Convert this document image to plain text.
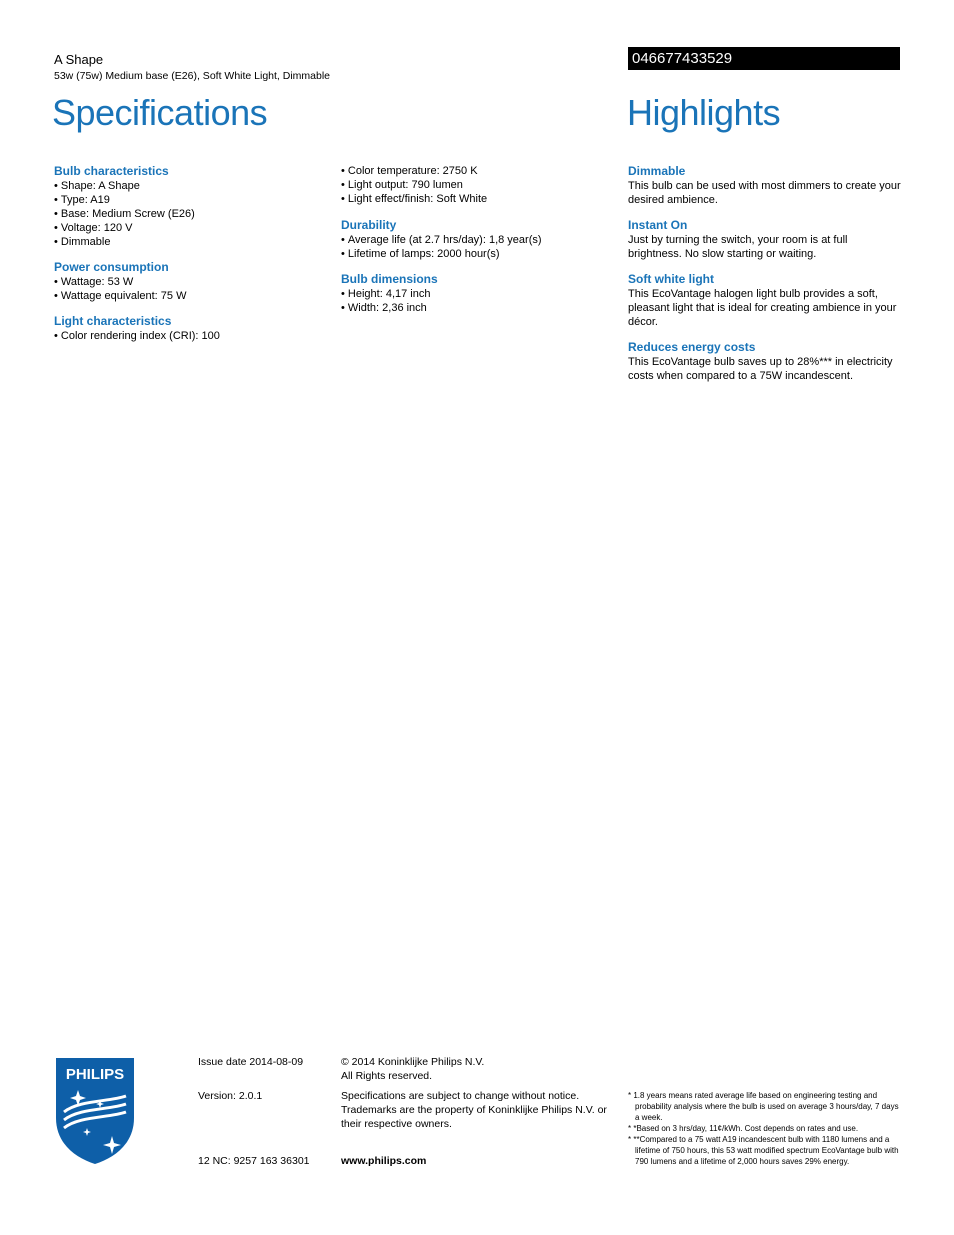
A Shape
53w (75w) Medium base (E26), Soft White Light, Dimmable
046677433529
Specifications	Highlights
Bulb characteristics
• Shape: A Shape
• Type: A19
• Base: Medium Screw (E26)
• Voltage: 120 V
• Dimmable
Power consumption
• Wattage: 53 W
• Wattage equivalent: 75 W
Light characteristics
• Color rendering index (CRI): 100
• Color temperature: 2750 K
• Light output: 790 lumen
• Light effect/finish: Soft White
Durability
• Average life (at 2.7 hrs/day): 1,8 year(s)
• Lifetime of lamps: 2000 hour(s)
Bulb dimensions
• Height: 4,17 inch
• Width: 2,36 inch
Dimmable

This bulb can be used with most dimmers to create your desired ambience.

Instant On

Just by turning the switch, your room is at full brightness. No slow starting or waiting.

Soft white light

This EcoVantage halogen light bulb provides a soft, pleasant light that is ideal for creating ambience in your décor.

Reduces energy costs

This EcoVantage bulb saves up to 28%*** in electricity costs when compared to a 75W incandescent.

PHILIPS
Issue date 2014-08-09
Version: 2.0.1
12 NC: 9257 163 36301
© 2014 Koninklijke Philips N.V.
All Rights reserved.
Specifications are subject to change without notice. Trademarks are the property of Koninklijke Philips N.V. or their respective owners.
www.philips.com

* 1.8 years means rated average life based on engineering testing and probability analysis where the bulb is used on average 3 hours/day, 7 days a week.

* *Based on 3 hrs/day, 11¢/kWh. Cost depends on rates and use.

* **Compared to a 75 watt A19 incandescent bulb with 1180 lumens and a lifetime of 750 hours, this 53 watt modified spectrum EcoVantage bulb with 790 lumens and a lifetime of 2,000 hours saves 29% energy.
